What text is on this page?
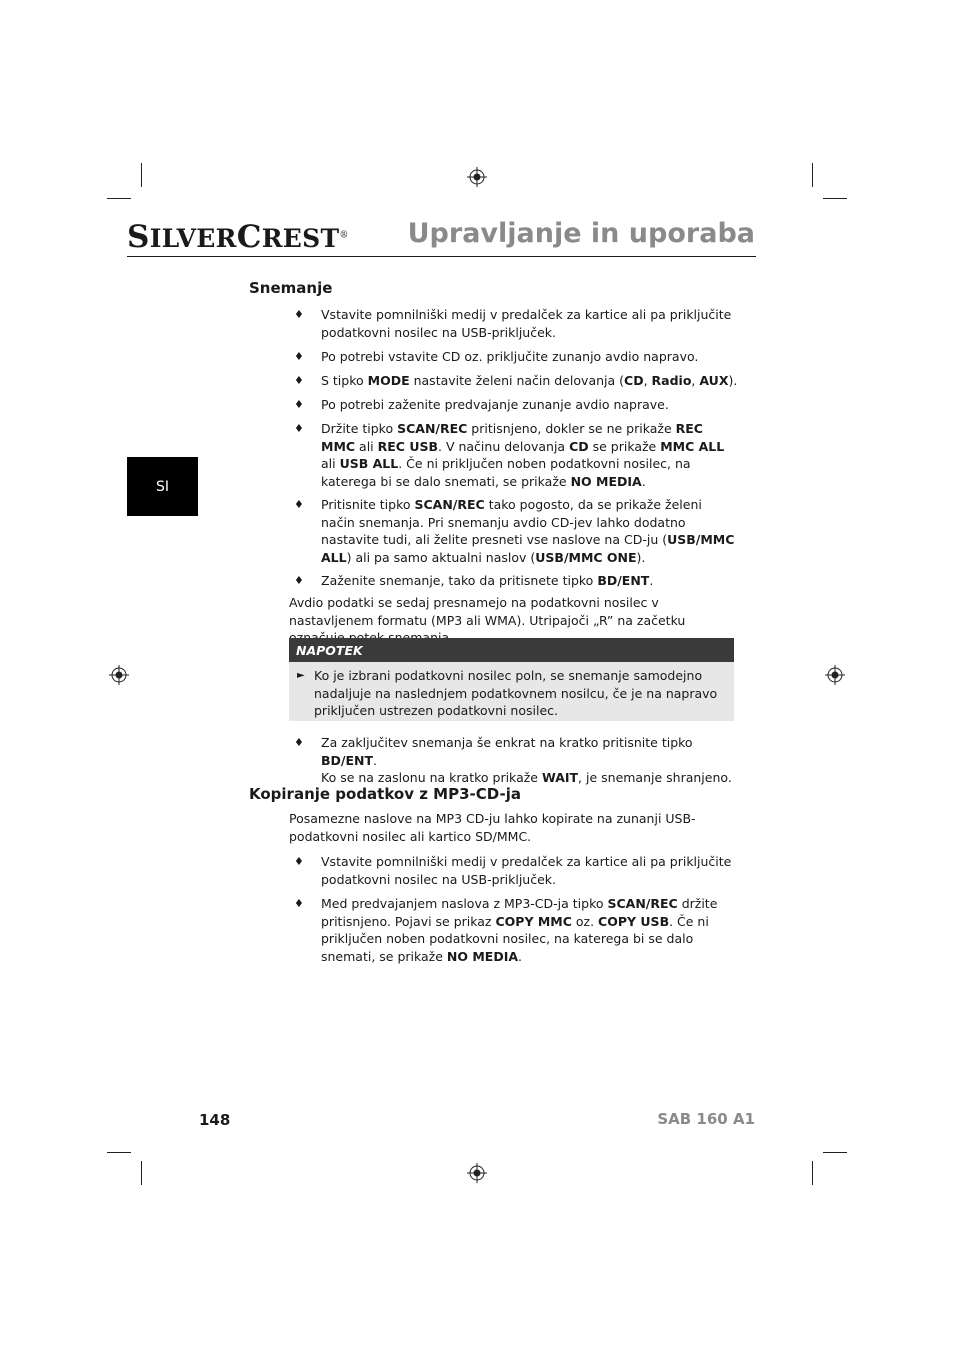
SILVERCREST® Upravljanje in uporaba
SI
Snemanje
♦ Vstavite pomnilniški medij v predalček za kartice ali pa priključite podatkovni nosilec na USB-priključek.
♦ Po potrebi vstavite CD oz. priključite zunanjo avdio napravo.
♦ S tipko MODE nastavite želeni način delovanja (CD, Radio, AUX).
♦ Po potrebi zaženite predvajanje zunanje avdio naprave.
♦ Držite tipko SCAN/REC pritisnjeno, dokler se ne prikaže REC MMC ali REC USB. V načinu delovanja CD se prikaže MMC ALL ali USB ALL. Če ni priključen noben podatkovni nosilec, na katerega bi se dalo snemati, se prikaže NO MEDIA.
♦ Pritisnite tipko SCAN/REC tako pogosto, da se prikaže želeni način snemanja. Pri snemanju avdio CD-jev lahko dodatno nastavite tudi, ali želite presneti vse naslove na CD-ju (USB/MMC ALL) ali pa samo aktualni naslov (USB/MMC ONE).
♦ Zaženite snemanje, tako da pritisnete tipko BD/ENT.
Avdio podatki se sedaj presnamejo na podatkovni nosilec v nastavljenem formatu (MP3 ali WMA). Utripajoči „R” na začetku
NAPOTEK
► Ko je izbrani podatkovni nosilec poln, se snemanje samodejno nadaljuje na naslednjem podatkovnem nosilcu, če je na napravo priključen ustrezen podatkovni nosilec.
♦ Za zaključitev snemanja še enkrat na kratko pritisnite tipko BD/ENT.
Ko se na zaslonu na kratko prikaže WAIT, je snemanje shranjeno.
Kopiranje podatkov z MP3-CD-ja
Posamezne naslove na MP3 CD-ju lahko kopirate na zunanji USB-podatkovni nosilec ali kartico SD/MMC.
♦ Vstavite pomnilniški medij v predalček za kartice ali pa priključite podatkovni nosilec na USB-priključek.
♦ Med predvajanjem naslova z MP3-CD-ja tipko SCAN/REC držite pritisnjeno. Pojavi se prikaz COPY MMC oz. COPY USB. Če ni priključen noben podatkovni nosilec, na katerega bi se dalo snemati, se prikaže NO MEDIA.
148	SAB 160 A1
